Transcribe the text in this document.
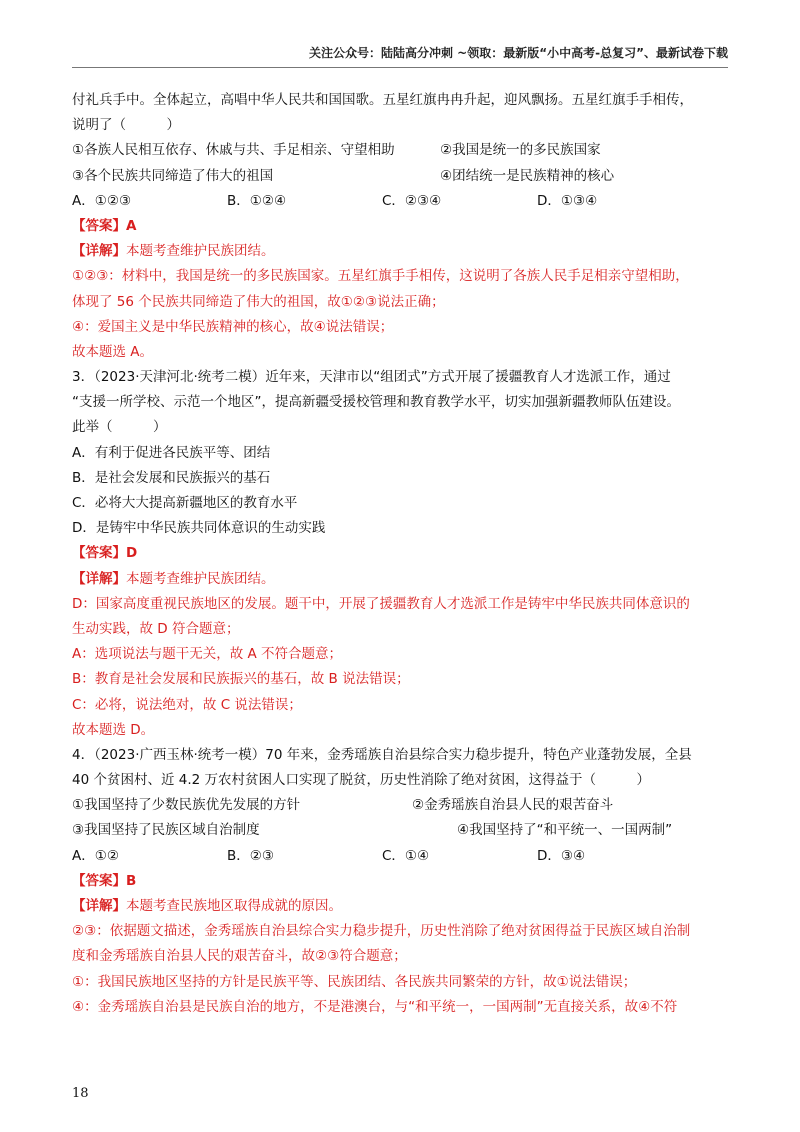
关注公众号：陆陆高分冲刺 ~领取：最新版“小中高考-总复习”、最新试卷下载
付礼兵手中。全体起立，高唱中华人民共和国国歌。五星红旗冉冉升起，迎风飘扬。五星红旗手手相传，
说明了（　　　）
①各族人民相互依存、休戚与共、手足相亲、守望相助	②我国是统一的多民族国家
③各个民族共同缔造了伟大的祖国	④团结统一是民族精神的核心
A．①②③	B．①②④	C．②③④	D．①③④
【答案】A
【详解】本题考查维护民族团结。
①②③：材料中，我国是统一的多民族国家。五星红旗手手相传，这说明了各族人民手足相亲守望相助，
体现了 56 个民族共同缔造了伟大的祖国，故①②③说法正确；
④：爱国主义是中华民族精神的核心，故④说法错误；
故本题选 A。
3．（2023·天津河北·统考二模）近年来，天津市以“组团式”方式开展了援疆教育人才选派工作，通过
“支援一所学校、示范一个地区”，提高新疆受援校管理和教育教学水平，切实加强新疆教师队伍建设。
此举（　　　）
A．有利于促进各民族平等、团结
B．是社会发展和民族振兴的基石
C．必将大大提高新疆地区的教育水平
D．是铸牢中华民族共同体意识的生动实践
【答案】D
【详解】本题考查维护民族团结。
D：国家高度重视民族地区的发展。题干中，开展了援疆教育人才选派工作是铸牢中华民族共同体意识的
生动实践，故 D 符合题意；
A：选项说法与题干无关，故 A 不符合题意；
B：教育是社会发展和民族振兴的基石，故 B 说法错误；
C：必将，说法绝对，故 C 说法错误；
故本题选 D。
4．（2023·广西玉林·统考一模）70 年来，金秀瑶族自治县综合实力稳步提升，特色产业蓬勃发展，全县
40 个贫困村、近 4.2 万农村贫困人口实现了脱贫，历史性消除了绝对贫困，这得益于（　　　）
①我国坚持了少数民族优先发展的方针	②金秀瑶族自治县人民的艰苦奋斗
③我国坚持了民族区域自治制度	④我国坚持了“和平统一、一国两制”
A．①②	B．②③	C．①④	D．③④
【答案】B
【详解】本题考查民族地区取得成就的原因。
②③：依据题文描述，金秀瑶族自治县综合实力稳步提升，历史性消除了绝对贫困得益于民族区域自治制
度和金秀瑶族自治县人民的艰苦奋斗，故②③符合题意；
①：我国民族地区坚持的方针是民族平等、民族团结、各民族共同繁荣的方针，故①说法错误；
④：金秀瑶族自治县是民族自治的地方，不是港澳台，与“和平统一，一国两制”无直接关系，故④不符
18
